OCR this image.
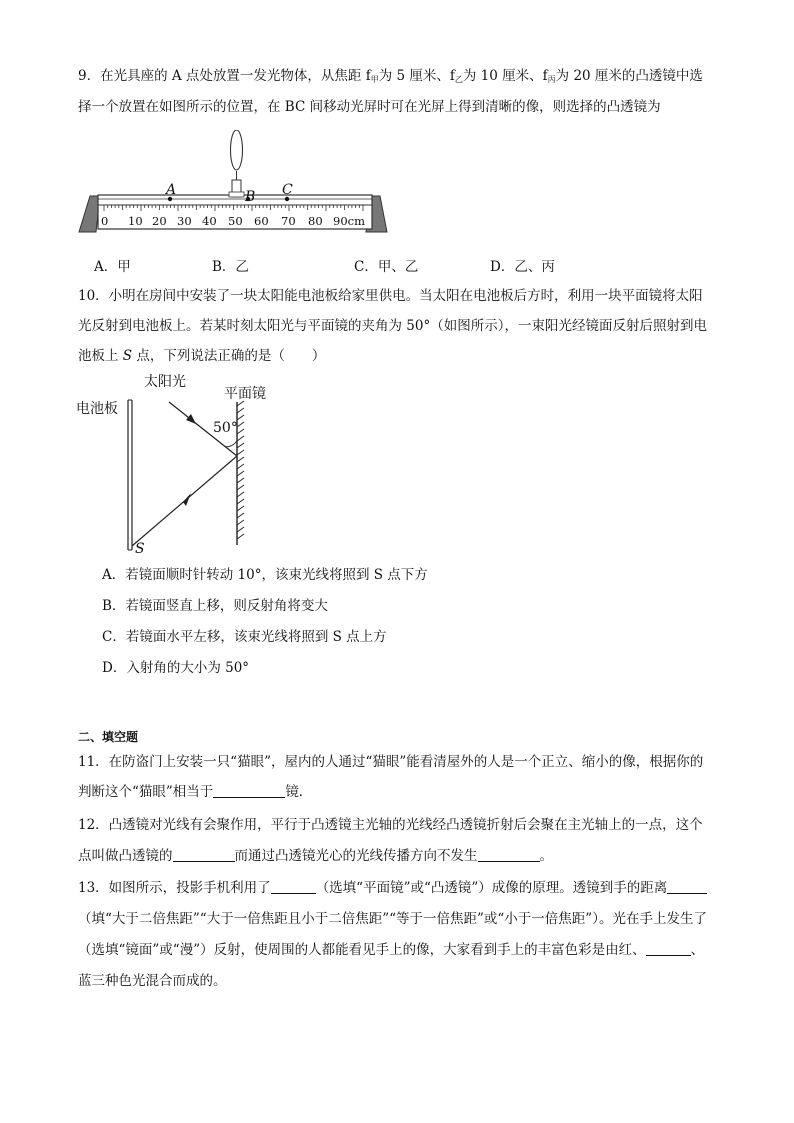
9．在光具座的 A 点处放置一发光物体，从焦距 $f_甲$为 5 厘米、$f_乙$为 10 厘米、$f_丙$为 20 厘米的凸透镜中选
择一个放置在如图所示的位置，在 BC 间移动光屏时可在光屏上得到清晰的像，则选择的凸透镜为
0 10 20 30 40 50 60 70 80 90cm
A	B C
A．甲	B．乙	C．甲、乙	D．乙、丙
10．小明在房间中安装了一块太阳能电池板给家里供电。当太阳在电池板后方时，利用一块平面镜将太阳
光反射到电池板上。若某时刻太阳光与平面镜的夹角为 50°（如图所示），一束阳光经镜面反射后照射到电
池板上 S 点，下列说法正确的是（　　）
电池板
太阳光
平面镜
50°
S
A．若镜面顺时针转动 10°，该束光线将照到 S 点下方
B．若镜面竖直上移，则反射角将变大
C．若镜面水平左移，该束光线将照到 S 点上方
D．入射角的大小为 50°
二、填空题
11．在防盗门上安装一只“猫眼”，屋内的人通过“猫眼”能看清屋外的人是一个正立、缩小的像，根据你的
判断这个“猫眼”相当于	镜．
12．凸透镜对光线有会聚作用，平行于凸透镜主光轴的光线经凸透镜折射后会聚在主光轴上的一点，这个
点叫做凸透镜的	而通过凸透镜光心的光线传播方向不发生	。
13．如图所示，投影手机利用了	（选填“平面镜”或“凸透镜”）成像的原理。透镜到手的距离
（填“大于二倍焦距”“大于一倍焦距且小于二倍焦距”“等于一倍焦距”或“小于一倍焦距”）。光在手上发生了
（选填“镜面”或“漫”）反射，使周围的人都能看见手上的像，大家看到手上的丰富色彩是由红、	、
蓝三种色光混合而成的。
